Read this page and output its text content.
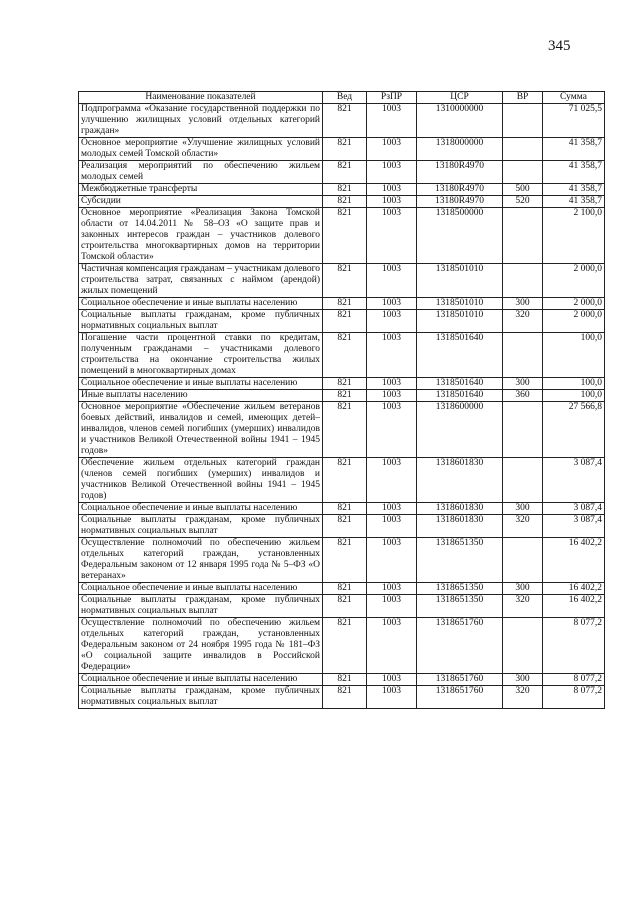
345
Наименование показателей	Вед	РзПР	ЦСР	ВР	Сумма
Подпрограмма «Оказание государственной поддержки по улучшению жилищных условий отдельных категорий граждан»	821	1003	1310000000		71 025,5
Основное мероприятие «Улучшение жилищных условий молодых семей Томской области»	821	1003	1318000000		41 358,7
Реализация мероприятий по обеспечению жильем молодых семей	821	1003	13180R4970		41 358,7
Межбюджетные трансферты	821	1003	13180R4970	500	41 358,7
Субсидии	821	1003	13180R4970	520	41 358,7
Основное мероприятие «Реализация Закона Томской области от 14.04.2011 № 58–ОЗ «О защите прав и законных интересов граждан – участников долевого строительства многоквартирных домов на территории Томской области»	821	1003	1318500000		2 100,0
Частичная компенсация гражданам – участникам долевого строительства затрат, связанных с наймом (арендой) жилых помещений	821	1003	1318501010		2 000,0
Социальное обеспечение и иные выплаты населению	821	1003	1318501010	300	2 000,0
Социальные выплаты гражданам, кроме публичных нормативных социальных выплат	821	1003	1318501010	320	2 000,0
Погашение части процентной ставки по кредитам, полученным гражданами – участниками долевого строительства на окончание строительства жилых помещений в многоквартирных домах	821	1003	1318501640		100,0
Социальное обеспечение и иные выплаты населению	821	1003	1318501640	300	100,0
Иные выплаты населению	821	1003	1318501640	360	100,0
Основное мероприятие «Обеспечение жильем ветеранов боевых действий, инвалидов и семей, имеющих детей–инвалидов, членов семей погибших (умерших) инвалидов и участников Великой Отечественной войны 1941 – 1945 годов»	821	1003	1318600000		27 566,8
Обеспечение жильем отдельных категорий граждан (членов семей погибших (умерших) инвалидов и участников Великой Отечественной войны 1941 – 1945 годов)	821	1003	1318601830		3 087,4
Социальное обеспечение и иные выплаты населению	821	1003	1318601830	300	3 087,4
Социальные выплаты гражданам, кроме публичных нормативных социальных выплат	821	1003	1318601830	320	3 087,4
Осуществление полномочий по обеспечению жильем отдельных категорий граждан, установленных Федеральным законом от 12 января 1995 года № 5–ФЗ «О ветеранах»	821	1003	1318651350		16 402,2
Социальное обеспечение и иные выплаты населению	821	1003	1318651350	300	16 402,2
Социальные выплаты гражданам, кроме публичных нормативных социальных выплат	821	1003	1318651350	320	16 402,2
Осуществление полномочий по обеспечению жильем отдельных категорий граждан, установленных Федеральным законом от 24 ноября 1995 года № 181–ФЗ «О социальной защите инвалидов в Российской Федерации»	821	1003	1318651760		8 077,2
Социальное обеспечение и иные выплаты населению	821	1003	1318651760	300	8 077,2
Социальные выплаты гражданам, кроме публичных нормативных социальных выплат	821	1003	1318651760	320	8 077,2
